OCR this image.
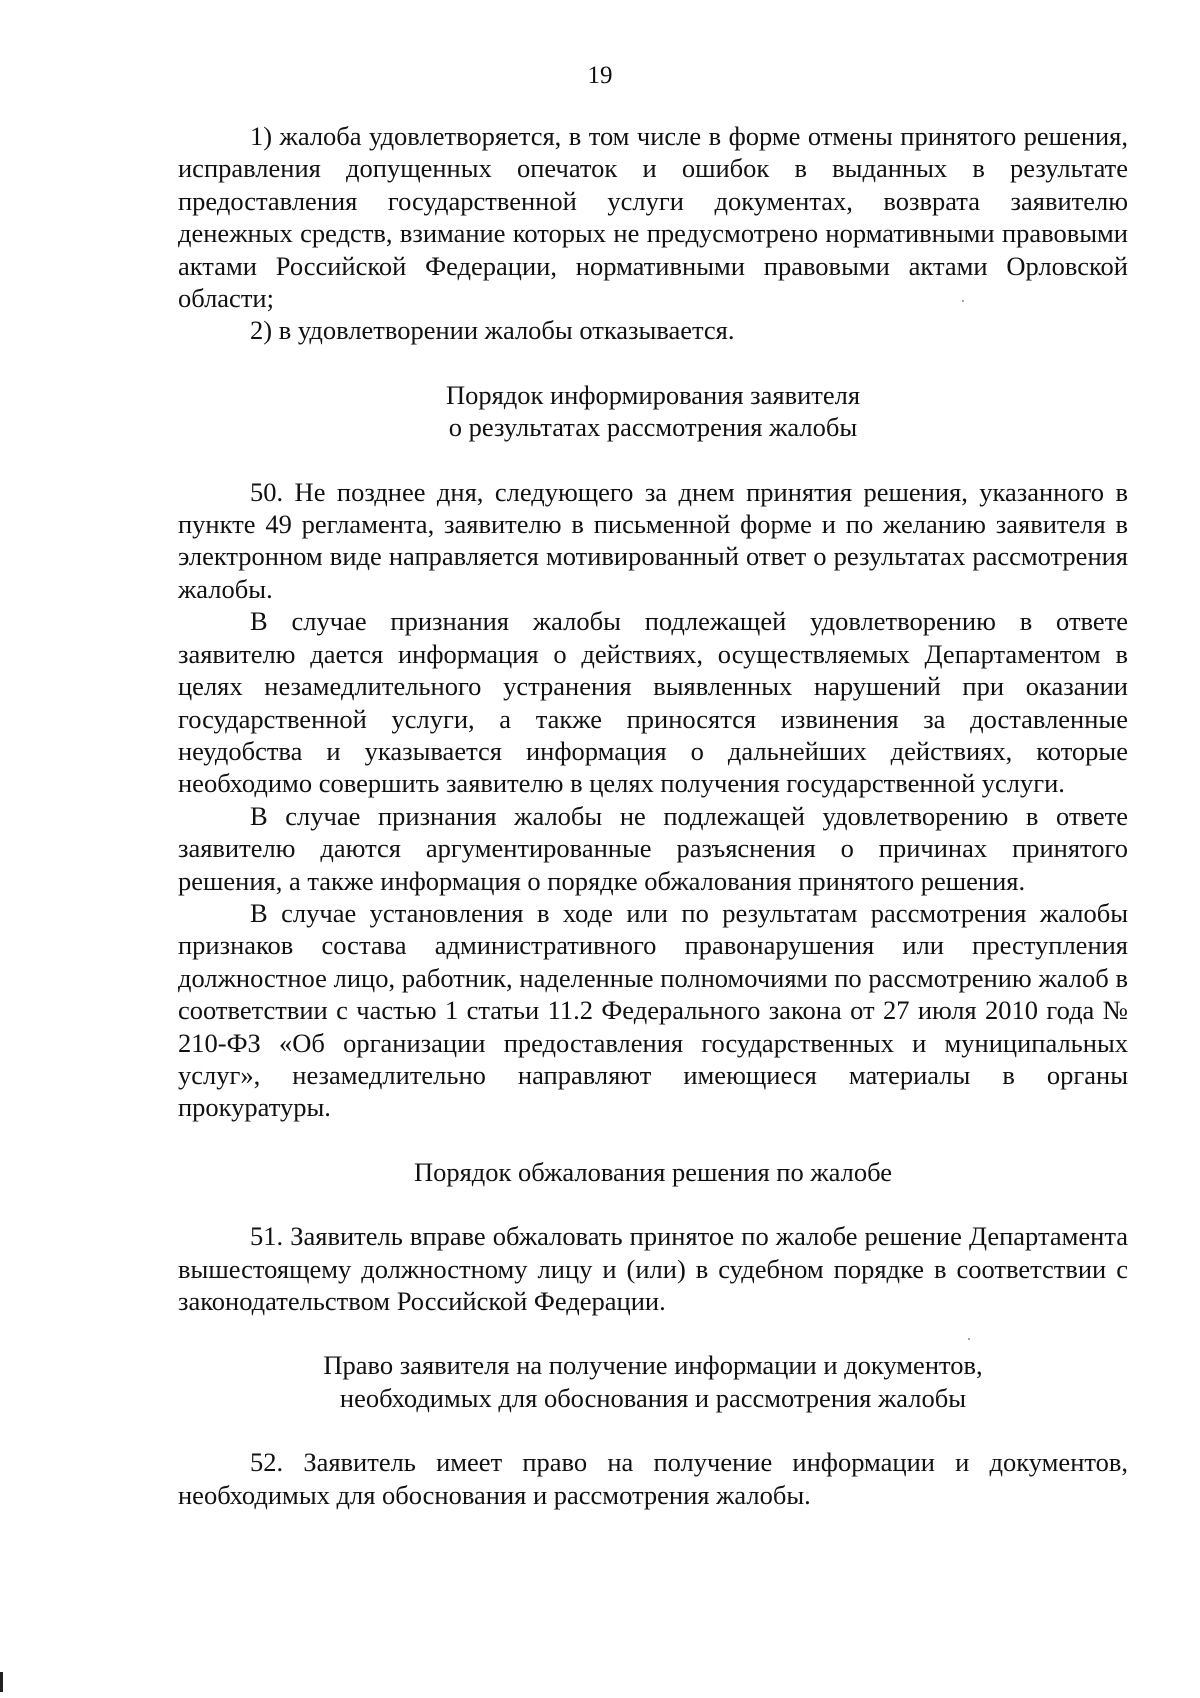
19

1) жалоба удовлетворяется, в том числе в форме отмены принятого решения, исправления допущенных опечаток и ошибок в выданных в результате предоставления государственной услуги документах, возврата заявителю денежных средств, взимание которых не предусмотрено нормативными правовыми актами Российской Федерации, нормативными правовыми актами Орловской области;

2) в удовлетворении жалобы отказывается.

Порядок информирования заявителя
о результатах рассмотрения жалобы

50. Не позднее дня, следующего за днем принятия решения, указанного в пункте 49 регламента, заявителю в письменной форме и по желанию заявителя в электронном виде направляется мотивированный ответ о результатах рассмотрения жалобы.

В случае признания жалобы подлежащей удовлетворению в ответе заявителю дается информация о действиях, осуществляемых Департаментом в целях незамедлительного устранения выявленных нарушений при оказании государственной услуги, а также приносятся извинения за доставленные неудобства и указывается информация о дальнейших действиях, которые необходимо совершить заявителю в целях получения государственной услуги.

В случае признания жалобы не подлежащей удовлетворению в ответе заявителю даются аргументированные разъяснения о причинах принятого решения, а также информация о порядке обжалования принятого решения.

В случае установления в ходе или по результатам рассмотрения жалобы признаков состава административного правонарушения или преступления должностное лицо, работник, наделенные полномочиями по рассмотрению жалоб в соответствии с частью 1 статьи 11.2 Федерального закона от 27 июля 2010 года № 210-ФЗ «Об организации предоставления государственных и муниципальных услуг», незамедлительно направляют имеющиеся материалы в органы прокуратуры.

Порядок обжалования решения по жалобе

51. Заявитель вправе обжаловать принятое по жалобе решение Департамента вышестоящему должностному лицу и (или) в судебном порядке в соответствии с законодательством Российской Федерации.

Право заявителя на получение информации и документов,
необходимых для обоснования и рассмотрения жалобы

52. Заявитель имеет право на получение информации и документов, необходимых для обоснования и рассмотрения жалобы.
